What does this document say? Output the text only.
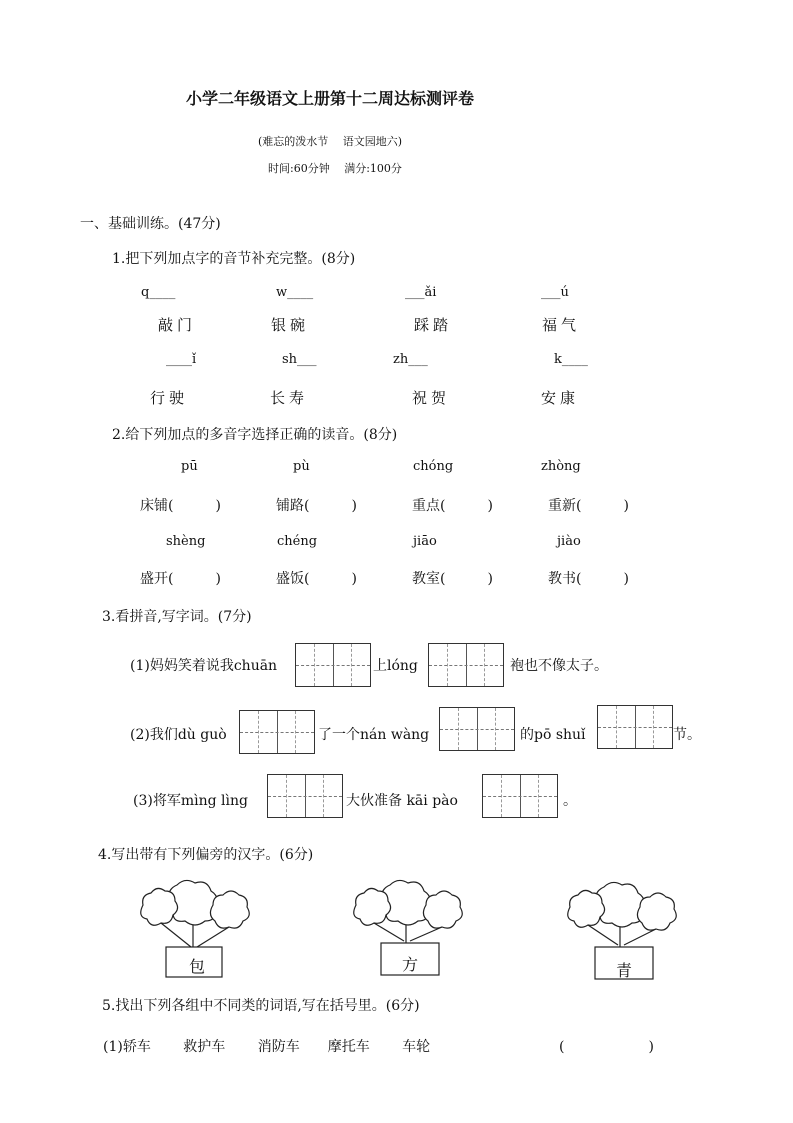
小学二年级语文上册第十二周达标测评卷
(难忘的泼水节　 语文园地六)
时间:60分钟　 满分:100分
一、基础训练。(47分)
1.把下列加点字的音节补充完整。(8分)
q____	w____	___ǎi	___ú
敲门	银碗	踩踏	福气
____ǐ	sh___	zh___	k____
行驶	长寿	祝贺	安康
2.给下列加点的多音字选择正确的读音。(8分)
pū	pù	chóng	zhòng
床铺(　　　)	铺路(　　　)	重点(　　　)	重新(　　　)
shèng	chéng	jiāo	jiào
盛开(　　　)	盛饭(　　　)	教室(　　　)	教书(　　　)
3.看拼音,写字词。(7分)
(1)妈妈笑着说我chuān	上lóng	袍也不像太子。
(2)我们dù guò	了一个nán wàng	的pō shuǐ	节。
(3)将军mìng lìng	大伙准备 kāi pào	。
4.写出带有下列偏旁的汉字。(6分)
包	方	青
5.找出下列各组中不同类的词语,写在括号里。(6分)
(1)轿车　　 救护车　　 消防车　　摩托车　　 车轮	(　　　　　　)
